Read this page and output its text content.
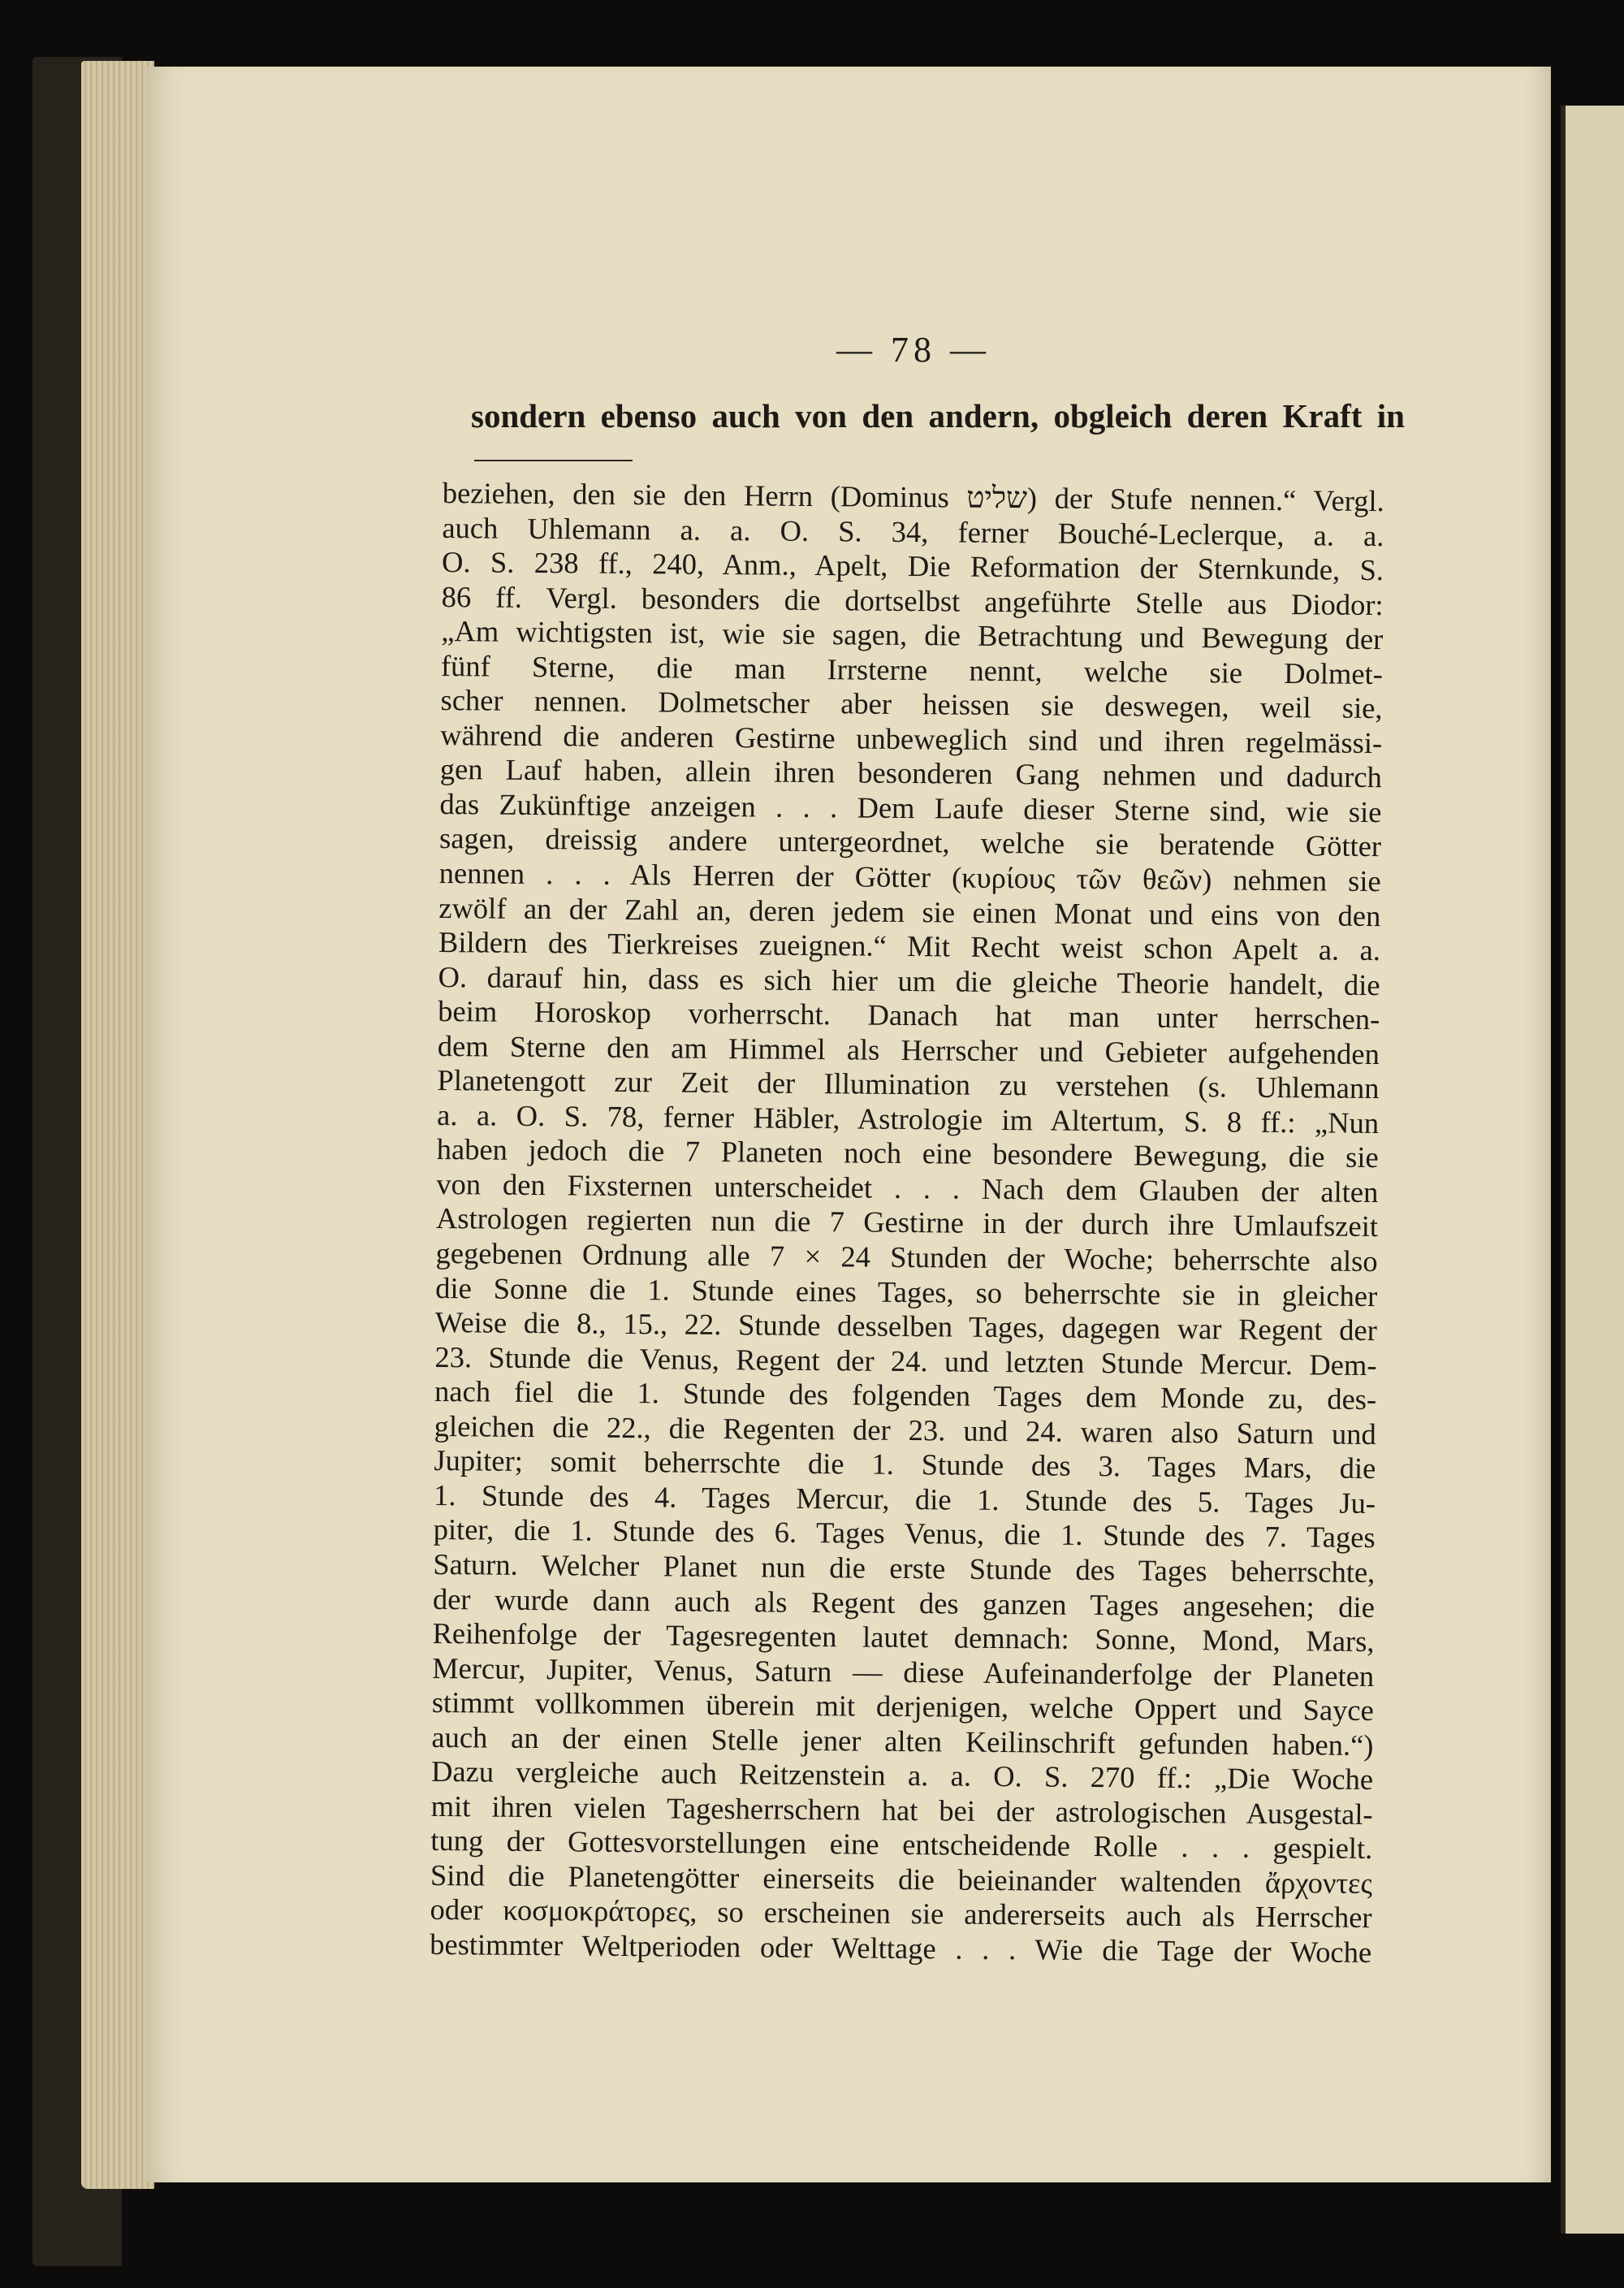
— 78 —
sondern ebenso auch von den andern, obgleich deren Kraft in
beziehen, den sie den Herrn (Dominus שליט) der Stufe nennen.“ Vergl.
auch Uhlemann a. a. O. S. 34, ferner Bouché-Leclerque, a. a.
O. S. 238 ff., 240, Anm., Apelt, Die Reformation der Sternkunde, S.
86 ff. Vergl. besonders die dortselbst angeführte Stelle aus Diodor:
„Am wichtigsten ist, wie sie sagen, die Betrachtung und Bewegung der
fünf Sterne, die man Irrsterne nennt, welche sie Dolmet-
scher nennen. Dolmetscher aber heissen sie deswegen, weil sie,
während die anderen Gestirne unbeweglich sind und ihren regelmässi-
gen Lauf haben, allein ihren besonderen Gang nehmen und dadurch
das Zukünftige anzeigen . . . Dem Laufe dieser Sterne sind, wie sie
sagen, dreissig andere untergeordnet, welche sie beratende Götter
nennen . . . Als Herren der Götter (κυρίους τῶν θεῶν) nehmen sie
zwölf an der Zahl an, deren jedem sie einen Monat und eins von den
Bildern des Tierkreises zueignen.“ Mit Recht weist schon Apelt a. a.
O. darauf hin, dass es sich hier um die gleiche Theorie handelt, die
beim Horoskop vorherrscht. Danach hat man unter herrschen-
dem Sterne den am Himmel als Herrscher und Gebieter aufgehenden
Planetengott zur Zeit der Illumination zu verstehen (s. Uhlemann
a. a. O. S. 78, ferner Häbler, Astrologie im Altertum, S. 8 ff.: „Nun
haben jedoch die 7 Planeten noch eine besondere Bewegung, die sie
von den Fixsternen unterscheidet . . . Nach dem Glauben der alten
Astrologen regierten nun die 7 Gestirne in der durch ihre Umlaufszeit
gegebenen Ordnung alle 7 × 24 Stunden der Woche; beherrschte also
die Sonne die 1. Stunde eines Tages, so beherrschte sie in gleicher
Weise die 8., 15., 22. Stunde desselben Tages, dagegen war Regent der
23. Stunde die Venus, Regent der 24. und letzten Stunde Mercur. Dem-
nach fiel die 1. Stunde des folgenden Tages dem Monde zu, des-
gleichen die 22., die Regenten der 23. und 24. waren also Saturn und
Jupiter; somit beherrschte die 1. Stunde des 3. Tages Mars, die
1. Stunde des 4. Tages Mercur, die 1. Stunde des 5. Tages Ju-
piter, die 1. Stunde des 6. Tages Venus, die 1. Stunde des 7. Tages
Saturn. Welcher Planet nun die erste Stunde des Tages beherrschte,
der wurde dann auch als Regent des ganzen Tages angesehen; die
Reihenfolge der Tagesregenten lautet demnach: Sonne, Mond, Mars,
Mercur, Jupiter, Venus, Saturn — diese Aufeinanderfolge der Planeten
stimmt vollkommen überein mit derjenigen, welche Oppert und Sayce
auch an der einen Stelle jener alten Keilinschrift gefunden haben.“)
Dazu vergleiche auch Reitzenstein a. a. O. S. 270 ff.: „Die Woche
mit ihren vielen Tagesherrschern hat bei der astrologischen Ausgestal-
tung der Gottesvorstellungen eine entscheidende Rolle . . . gespielt.
Sind die Planetengötter einerseits die beieinander waltenden ἄρχοντες
oder κοσμοκράτορες, so erscheinen sie andererseits auch als Herrscher
bestimmter Weltperioden oder Welttage . . . Wie die Tage der Woche
